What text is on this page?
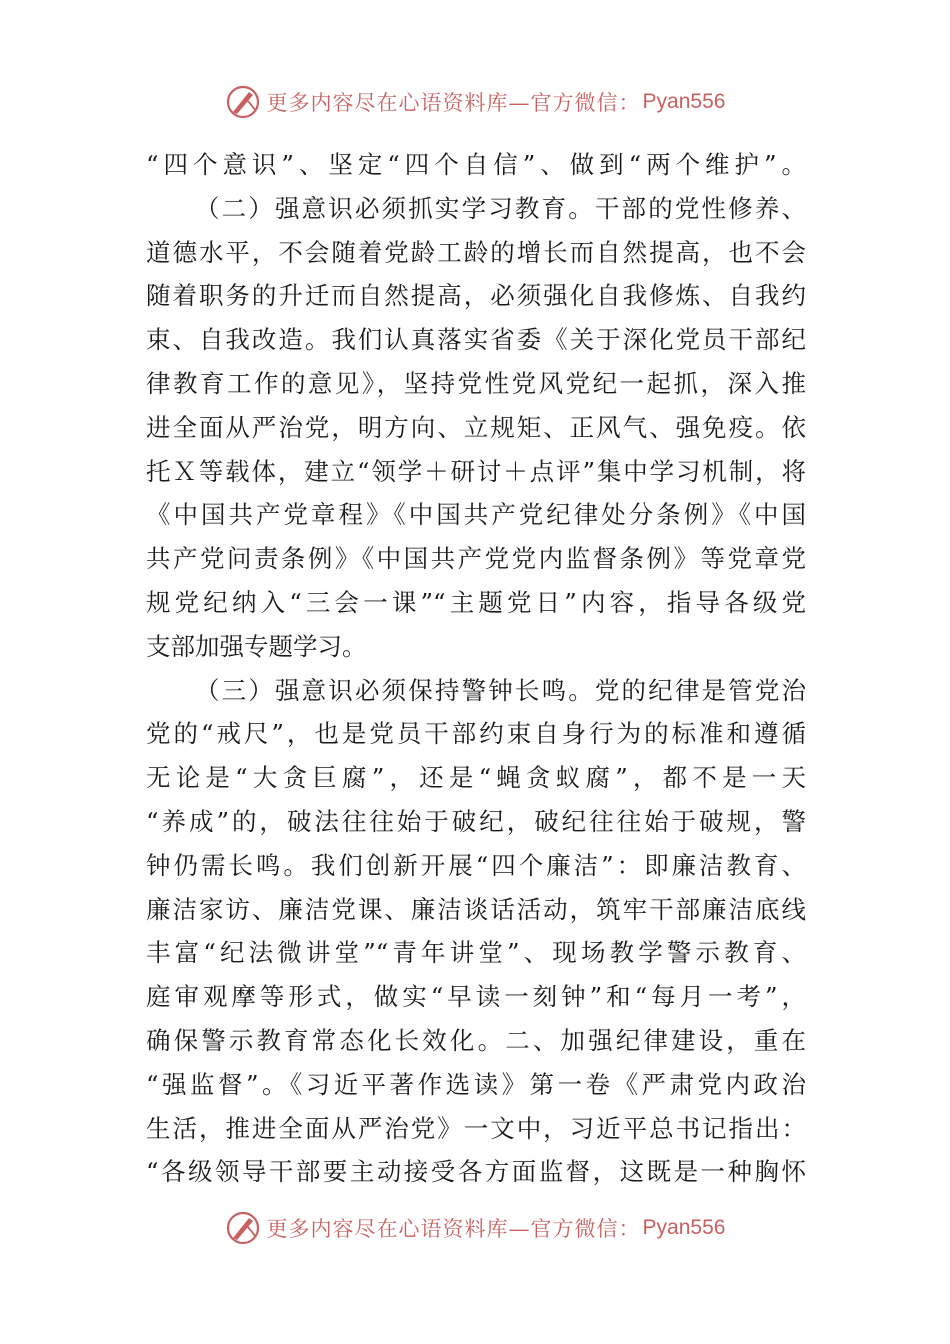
更多内容尽在心语资料库—官方微信： Pyan556
“四个意识”、坚定“四个自信”、做到“两个维护”。
（二）强意识必须抓实学习教育。干部的党性修养、
道德水平，不会随着党龄工龄的增长而自然提高，也不会
随着职务的升迁而自然提高，必须强化自我修炼、自我约
束、自我改造。我们认真落实省委《关于深化党员干部纪
律教育工作的意见》，坚持党性党风党纪一起抓，深入推
进全面从严治党，明方向、立规矩、正风气、强免疫。依
托Ｘ等载体，建立“领学＋研讨＋点评”集中学习机制，将
《中国共产党章程》《中国共产党纪律处分条例》《中国
共产党问责条例》《中国共产党党内监督条例》等党章党
规党纪纳入“三会一课”“主题党日”内容，指导各级党
支部加强专题学习。
（三）强意识必须保持警钟长鸣。党的纪律是管党治
党的“戒尺”，也是党员干部约束自身行为的标准和遵循
无论是“大贪巨腐”，还是“蝇贪蚁腐”，都不是一天
“养成”的，破法往往始于破纪，破纪往往始于破规，警
钟仍需长鸣。我们创新开展“四个廉洁”：即廉洁教育、
廉洁家访、廉洁党课、廉洁谈话活动，筑牢干部廉洁底线
丰富“纪法微讲堂”“青年讲堂”、现场教学警示教育、
庭审观摩等形式，做实“早读一刻钟”和“每月一考”，
确保警示教育常态化长效化。二、加强纪律建设，重在
“强监督”。《习近平著作选读》第一卷《严肃党内政治
生活，推进全面从严治党》一文中，习近平总书记指出：
“各级领导干部要主动接受各方面监督，这既是一种胸怀
更多内容尽在心语资料库—官方微信： Pyan556
